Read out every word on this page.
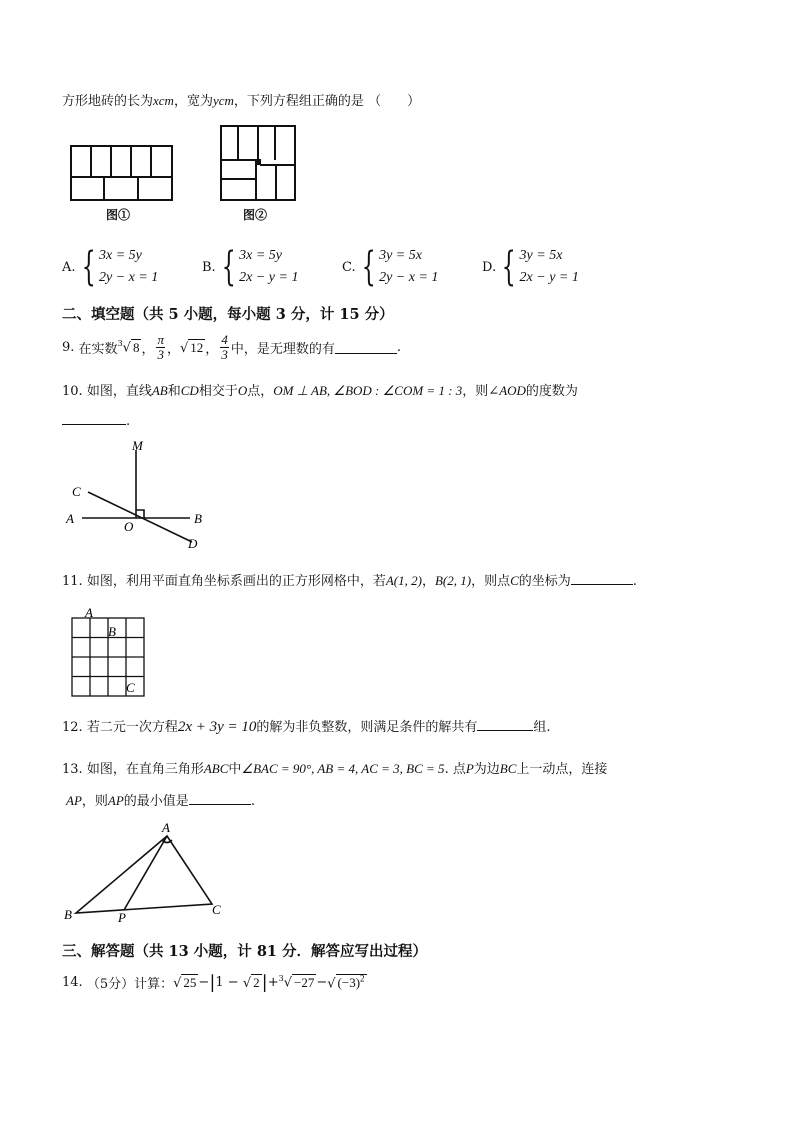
方形地砖的长为xcm，宽为ycm，下列方程组正确的是 （　　）
图①	图②
A. { 3x = 5y
2y − x = 1
B. { 3x = 5y
2x − y = 1
C. { 3y = 5x
2y − x = 1
D. { 3y = 5x
2x − y = 1
二、填空题（共 5 小题，每小题 3 分，计 15 分）
9.
在实数 $^3$√ 8 ， $\frac{\pi}{3}$ ， √ 12 ， $\frac{4}{3}$ 中，是无理数的有	.
10. 如图，直线AB和CD相交于O点，OM ⊥ AB, ∠BOD : ∠COM = 1 : 3，则∠AOD的度数为
.
M
C
A
O
B
D
11. 如图，利用平面直角坐标系画出的正方形网格中，若A(1, 2)，B(2, 1)，则点C的坐标为	.
A
B
C
12. 若二元一次方程2x + 3y = 10的解为非负整数，则满足条件的解共有	组.
13. 如图，在直角三角形ABC中∠BAC = 90°, AB = 4, AC = 3, BC = 5. 点P为边BC上一动点，连接
AP，则AP的最小值是	.
A
B	P
C
三、解答题（共 13 小题，计 81 分．解答应写出过程）
14.
（5分）计算： √ 25 − | 1 −
√ 2 | + $^3$√ −27 − √ $(-3)^2$
